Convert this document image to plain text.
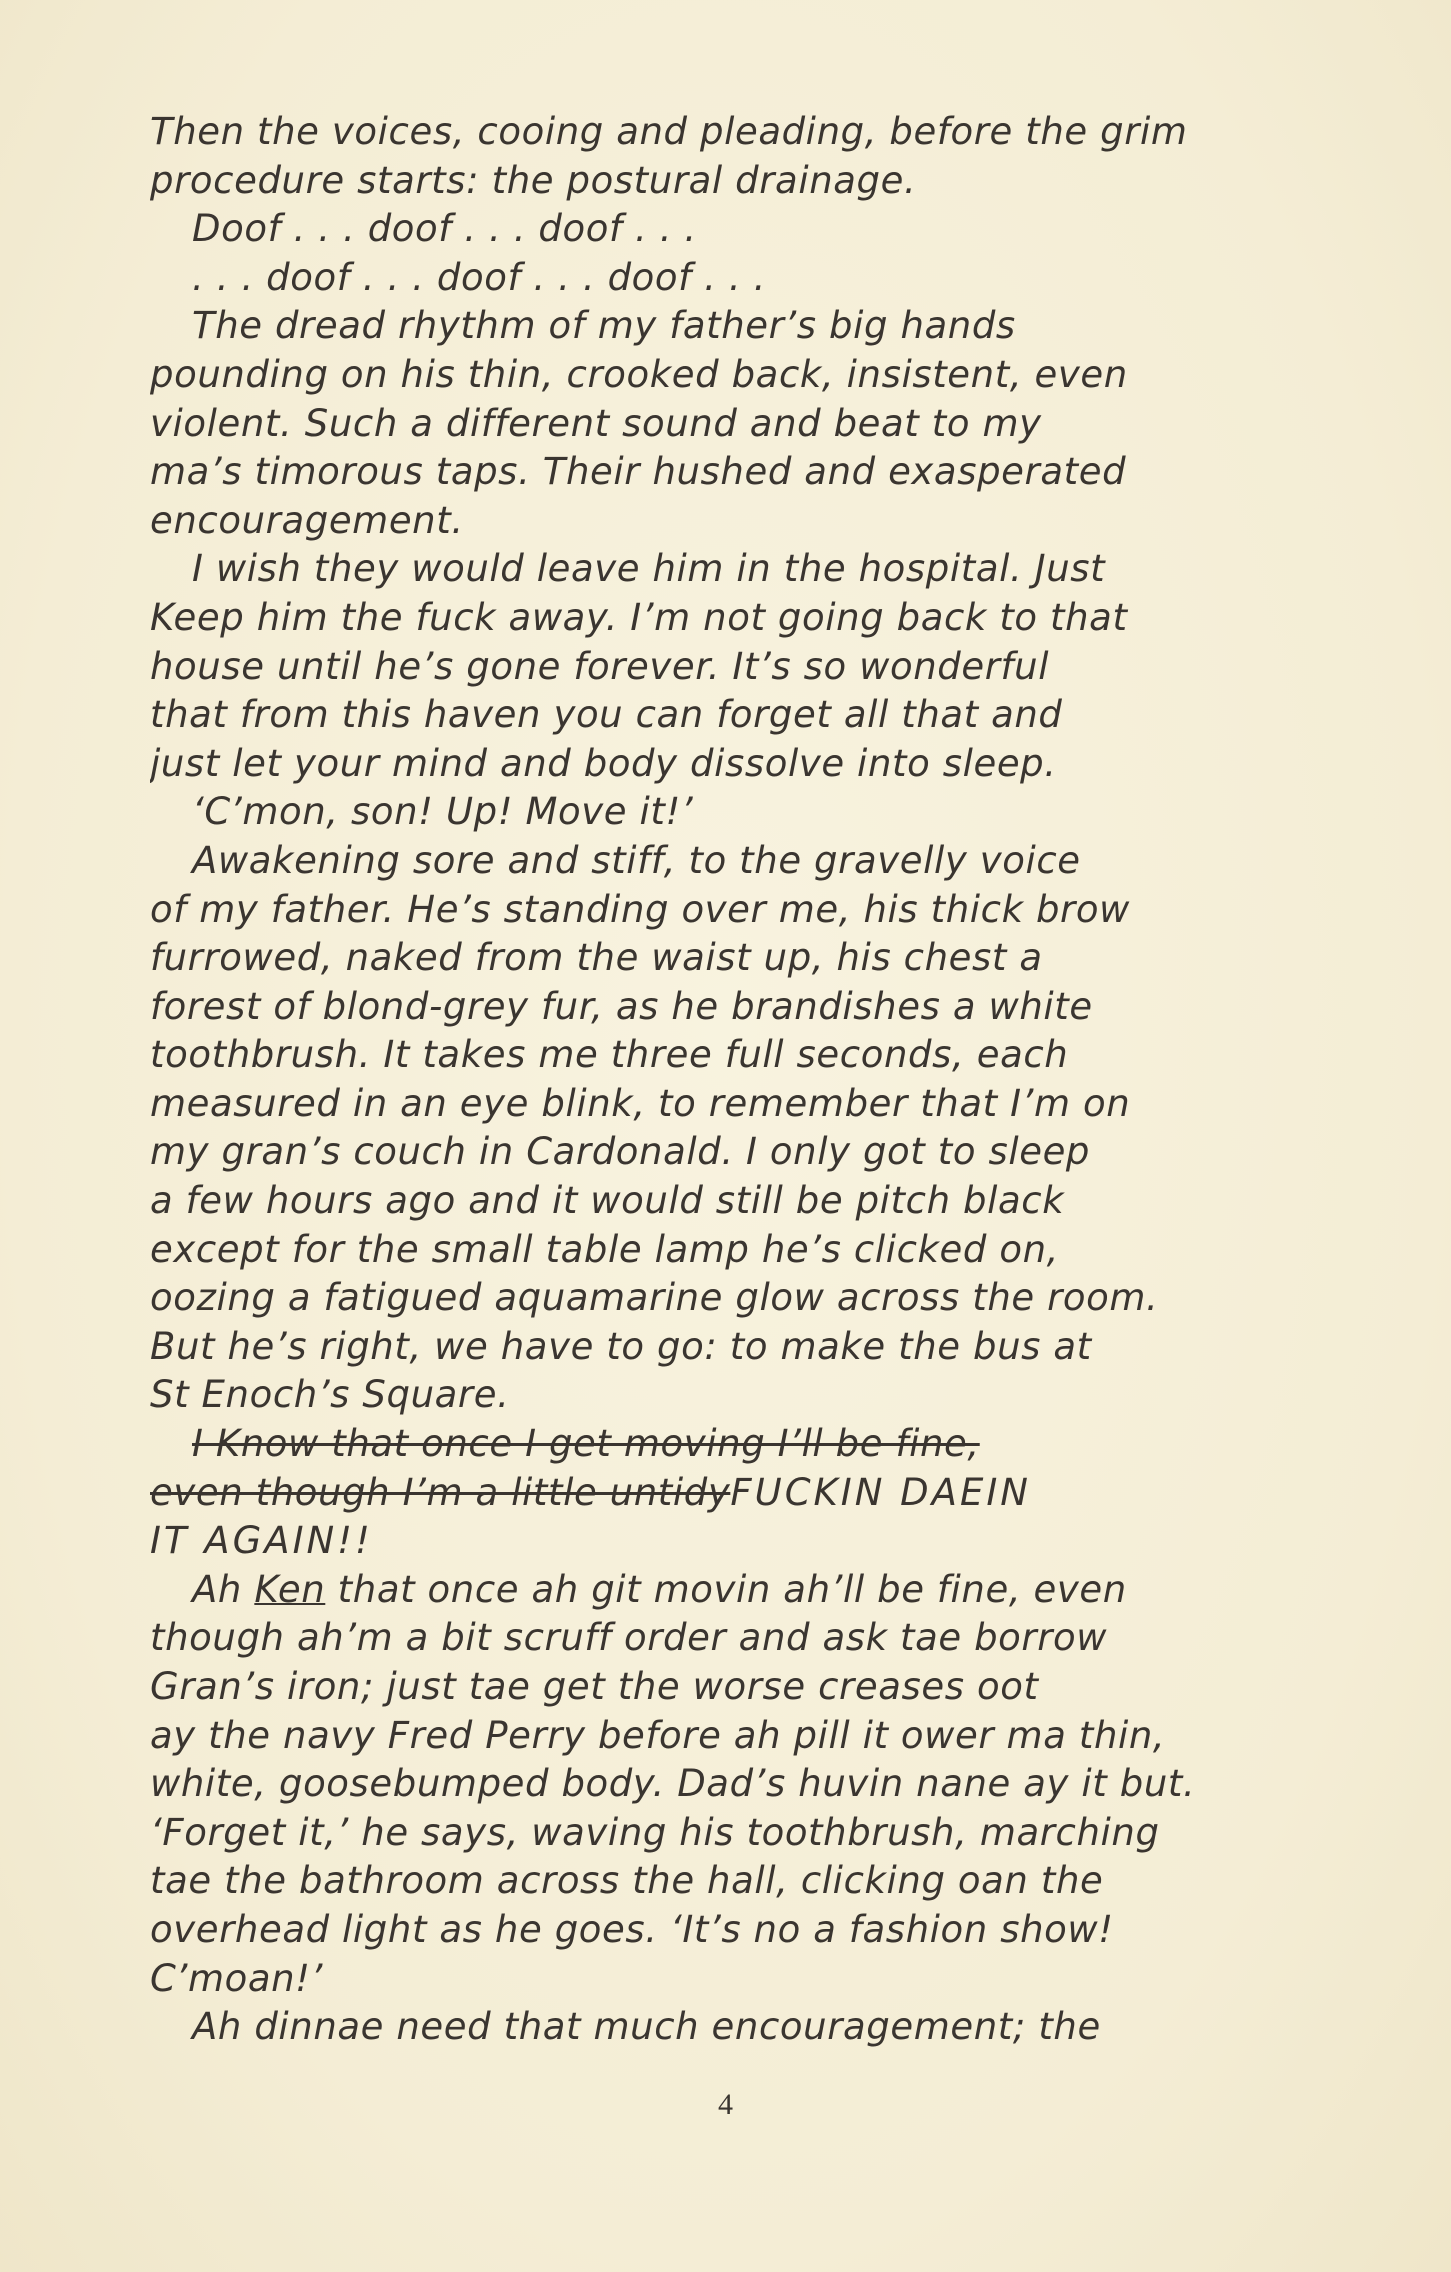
Then the voices, cooing and pleading, before the grim
procedure starts: the postural drainage.
Doof . . . doof . . . doof . . .
. . . doof . . . doof . . . doof . . .
The dread rhythm of my father’s big hands
pounding on his thin, crooked back, insistent, even
violent. Such a different sound and beat to my
ma’s timorous taps. Their hushed and exasperated
encouragement.
I wish they would leave him in the hospital. Just
Keep him the fuck away. I’m not going back to that
house until he’s gone forever. It’s so wonderful
that from this haven you can forget all that and
just let your mind and body dissolve into sleep.
‘C’mon, son! Up! Move it!’
Awakening sore and stiff, to the gravelly voice
of my father. He’s standing over me, his thick brow
furrowed, naked from the waist up, his chest a
forest of blond-grey fur, as he brandishes a white
toothbrush. It takes me three full seconds, each
measured in an eye blink, to remember that I’m on
my gran’s couch in Cardonald. I only got to sleep
a few hours ago and it would still be pitch black
except for the small table lamp he’s clicked on,
oozing a fatigued aquamarine glow across the room.
But he’s right, we have to go: to make the bus at
St Enoch’s Square.
I Know that once I get moving I’ll be fine,
even though I’m a little untidyFUCKIN DAEIN
IT AGAIN!!
Ah Ken that once ah git movin ah’ll be fine, even
though ah’m a bit scruff order and ask tae borrow
Gran’s iron; just tae get the worse creases oot
ay the navy Fred Perry before ah pill it ower ma thin,
white, goosebumped body. Dad’s huvin nane ay it but.
‘Forget it,’ he says, waving his toothbrush, marching
tae the bathroom across the hall, clicking oan the
overhead light as he goes. ‘It’s no a fashion show!
C’moan!’
Ah dinnae need that much encouragement; the
4
